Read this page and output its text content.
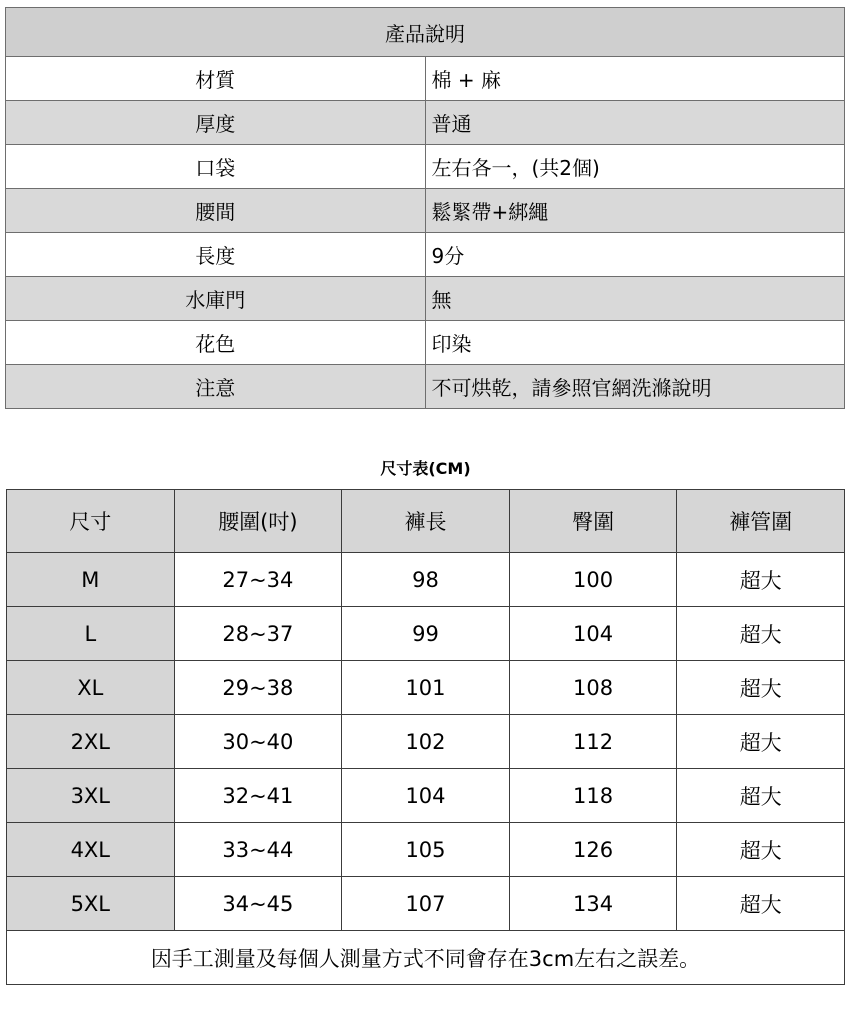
產品說明	
材質	棉 + 麻
厚度	普通
口袋	左右各一，(共2個)
腰間	鬆緊帶+綁繩
長度	9分
水庫門	無
花色	印染
注意	不可烘乾，請參照官網洗滌說明
尺寸表(CM)
尺寸	腰圍(吋)	褲長	臀圍	褲管圍
M	27~34	98	100	超大
L	28~37	99	104	超大
XL	29~38	101	108	超大
2XL	30~40	102	112	超大
3XL	32~41	104	118	超大
4XL	33~44	105	126	超大
5XL	34~45	107	134	超大
因手工測量及每個人測量方式不同會存在3cm左右之誤差。				
